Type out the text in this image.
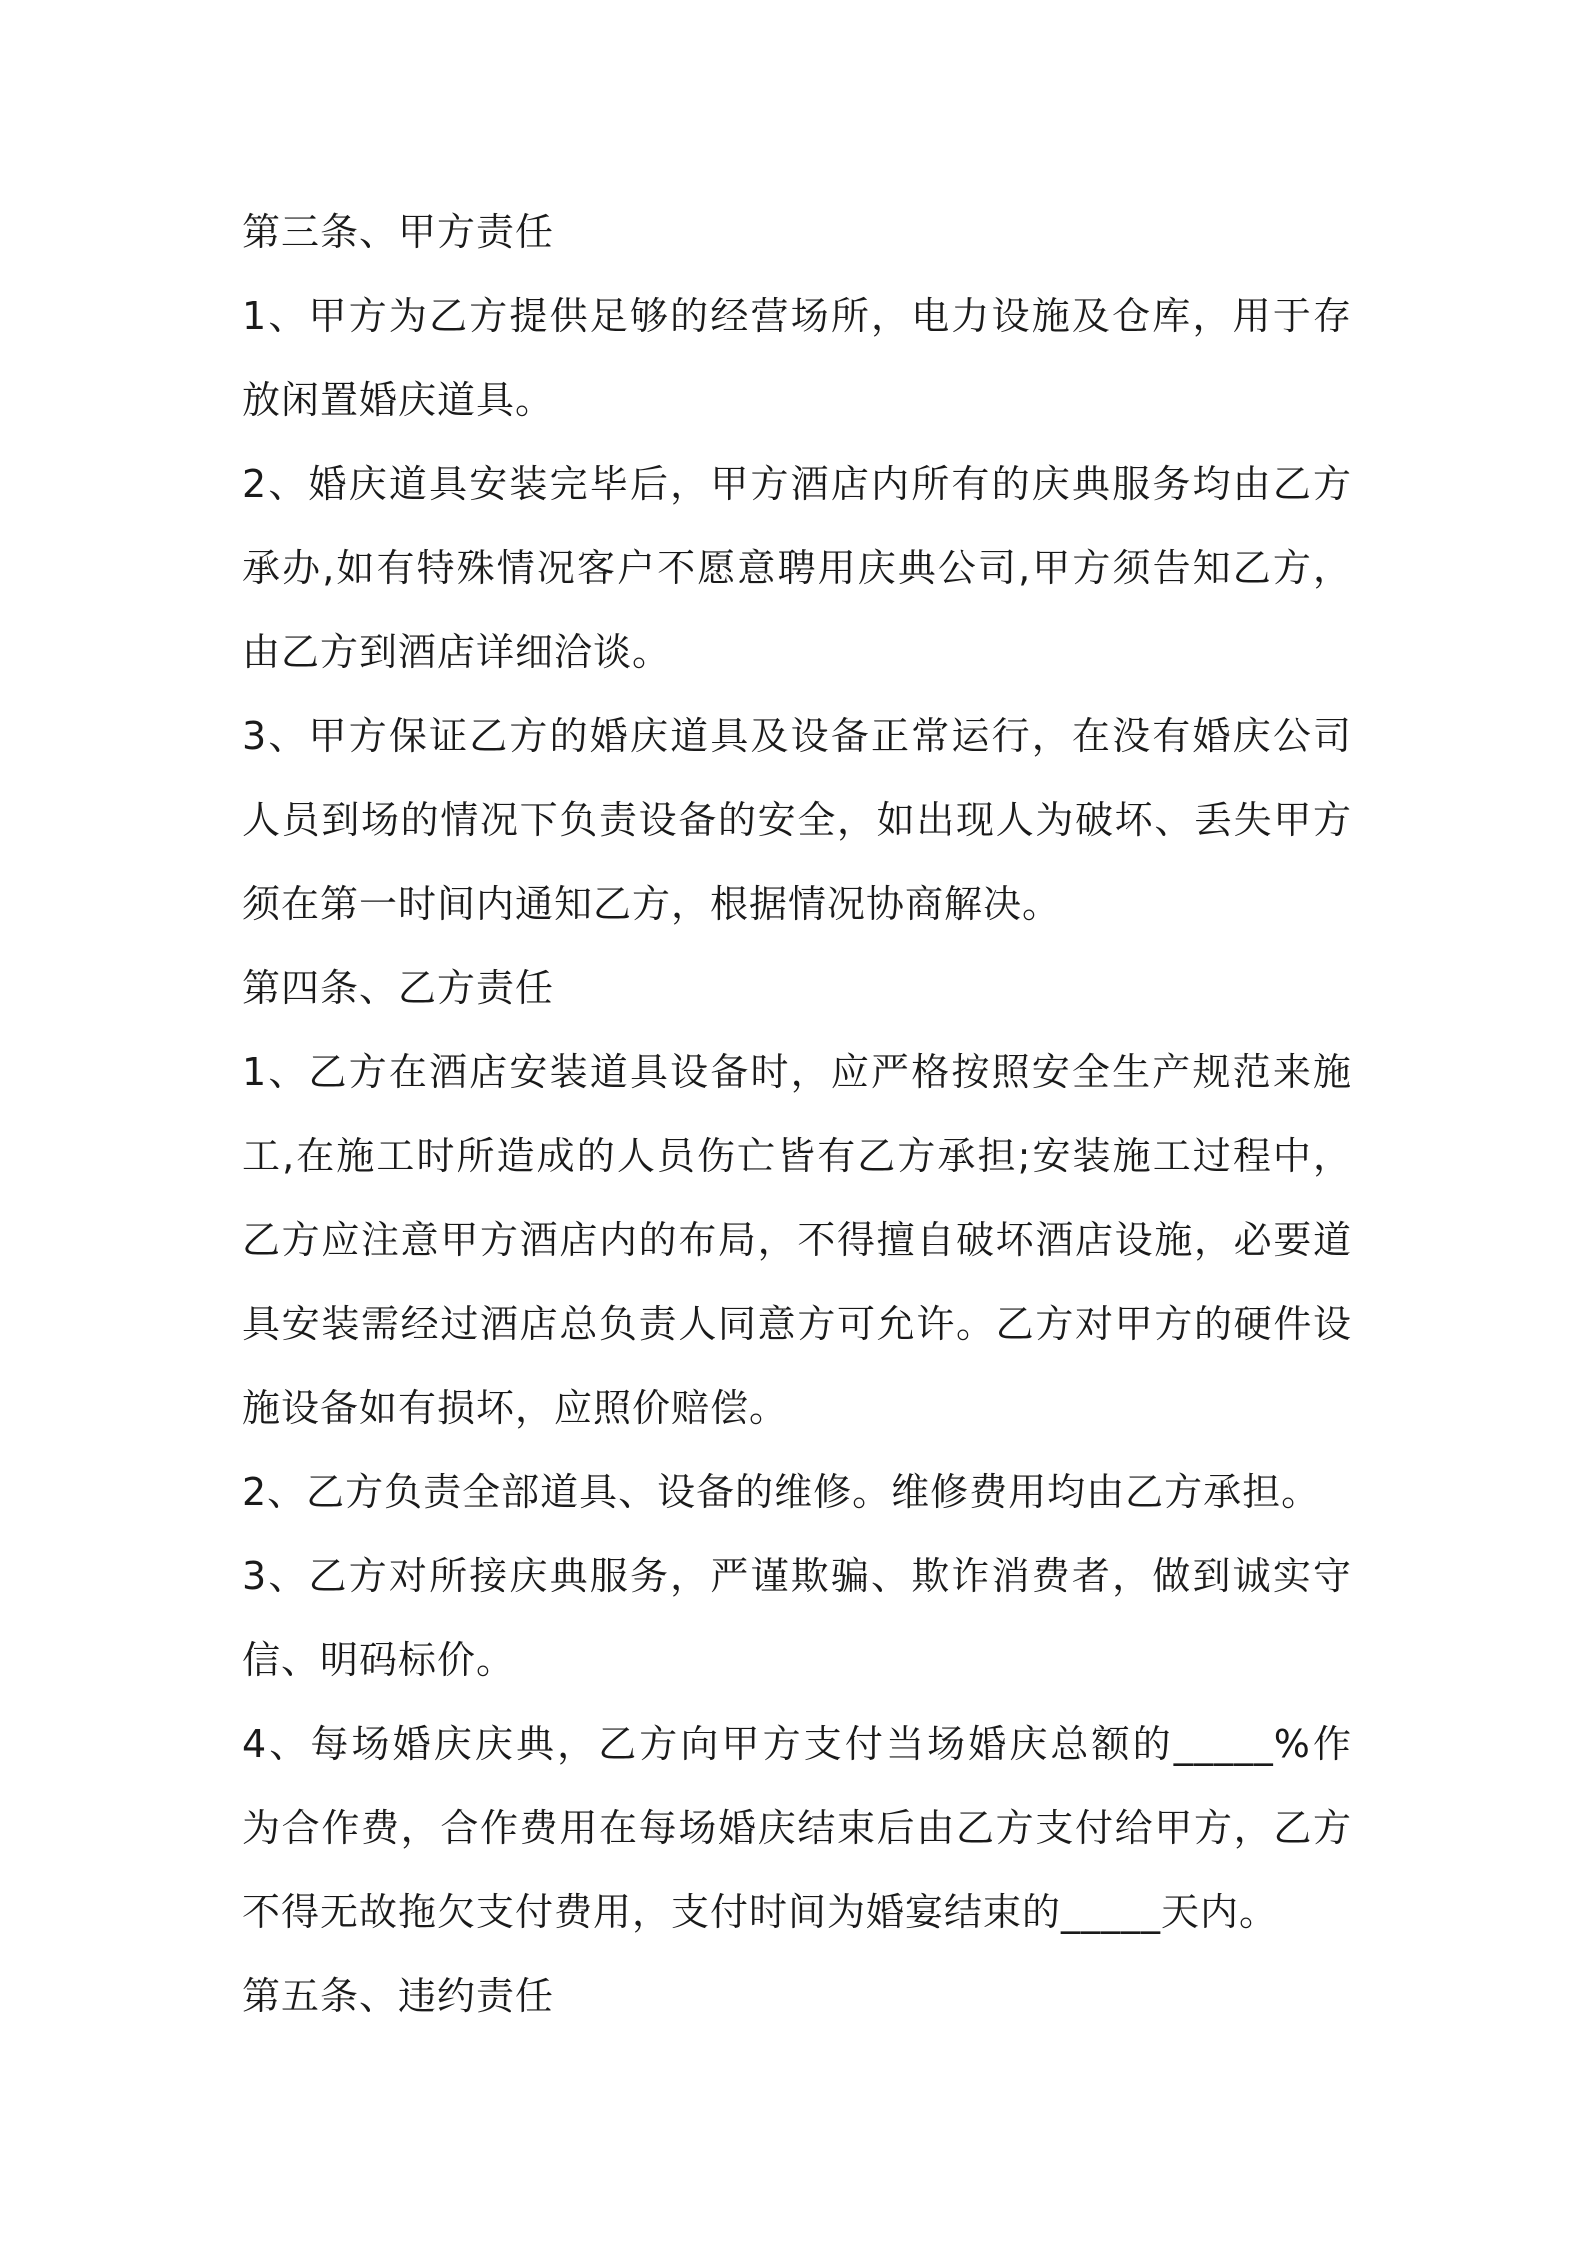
第三条、甲方责任
1、甲方为乙方提供足够的经营场所，电力设施及仓库，用于存
放闲置婚庆道具。
2、婚庆道具安装完毕后，甲方酒店内所有的庆典服务均由乙方
承办,如有特殊情况客户不愿意聘用庆典公司,甲方须告知乙方，
由乙方到酒店详细洽谈。
3、甲方保证乙方的婚庆道具及设备正常运行，在没有婚庆公司
人员到场的情况下负责设备的安全，如出现人为破坏、丢失甲方
须在第一时间内通知乙方，根据情况协商解决。
第四条、乙方责任
1、乙方在酒店安装道具设备时，应严格按照安全生产规范来施
工,在施工时所造成的人员伤亡皆有乙方承担;安装施工过程中，
乙方应注意甲方酒店内的布局，不得擅自破坏酒店设施，必要道
具安装需经过酒店总负责人同意方可允许。乙方对甲方的硬件设
施设备如有损坏，应照价赔偿。
2、乙方负责全部道具、设备的维修。维修费用均由乙方承担。
3、乙方对所接庆典服务，严谨欺骗、欺诈消费者，做到诚实守
信、明码标价。
4、每场婚庆庆典，乙方向甲方支付当场婚庆总额的_____%作
为合作费，合作费用在每场婚庆结束后由乙方支付给甲方，乙方
不得无故拖欠支付费用，支付时间为婚宴结束的_____天内。
第五条、违约责任
